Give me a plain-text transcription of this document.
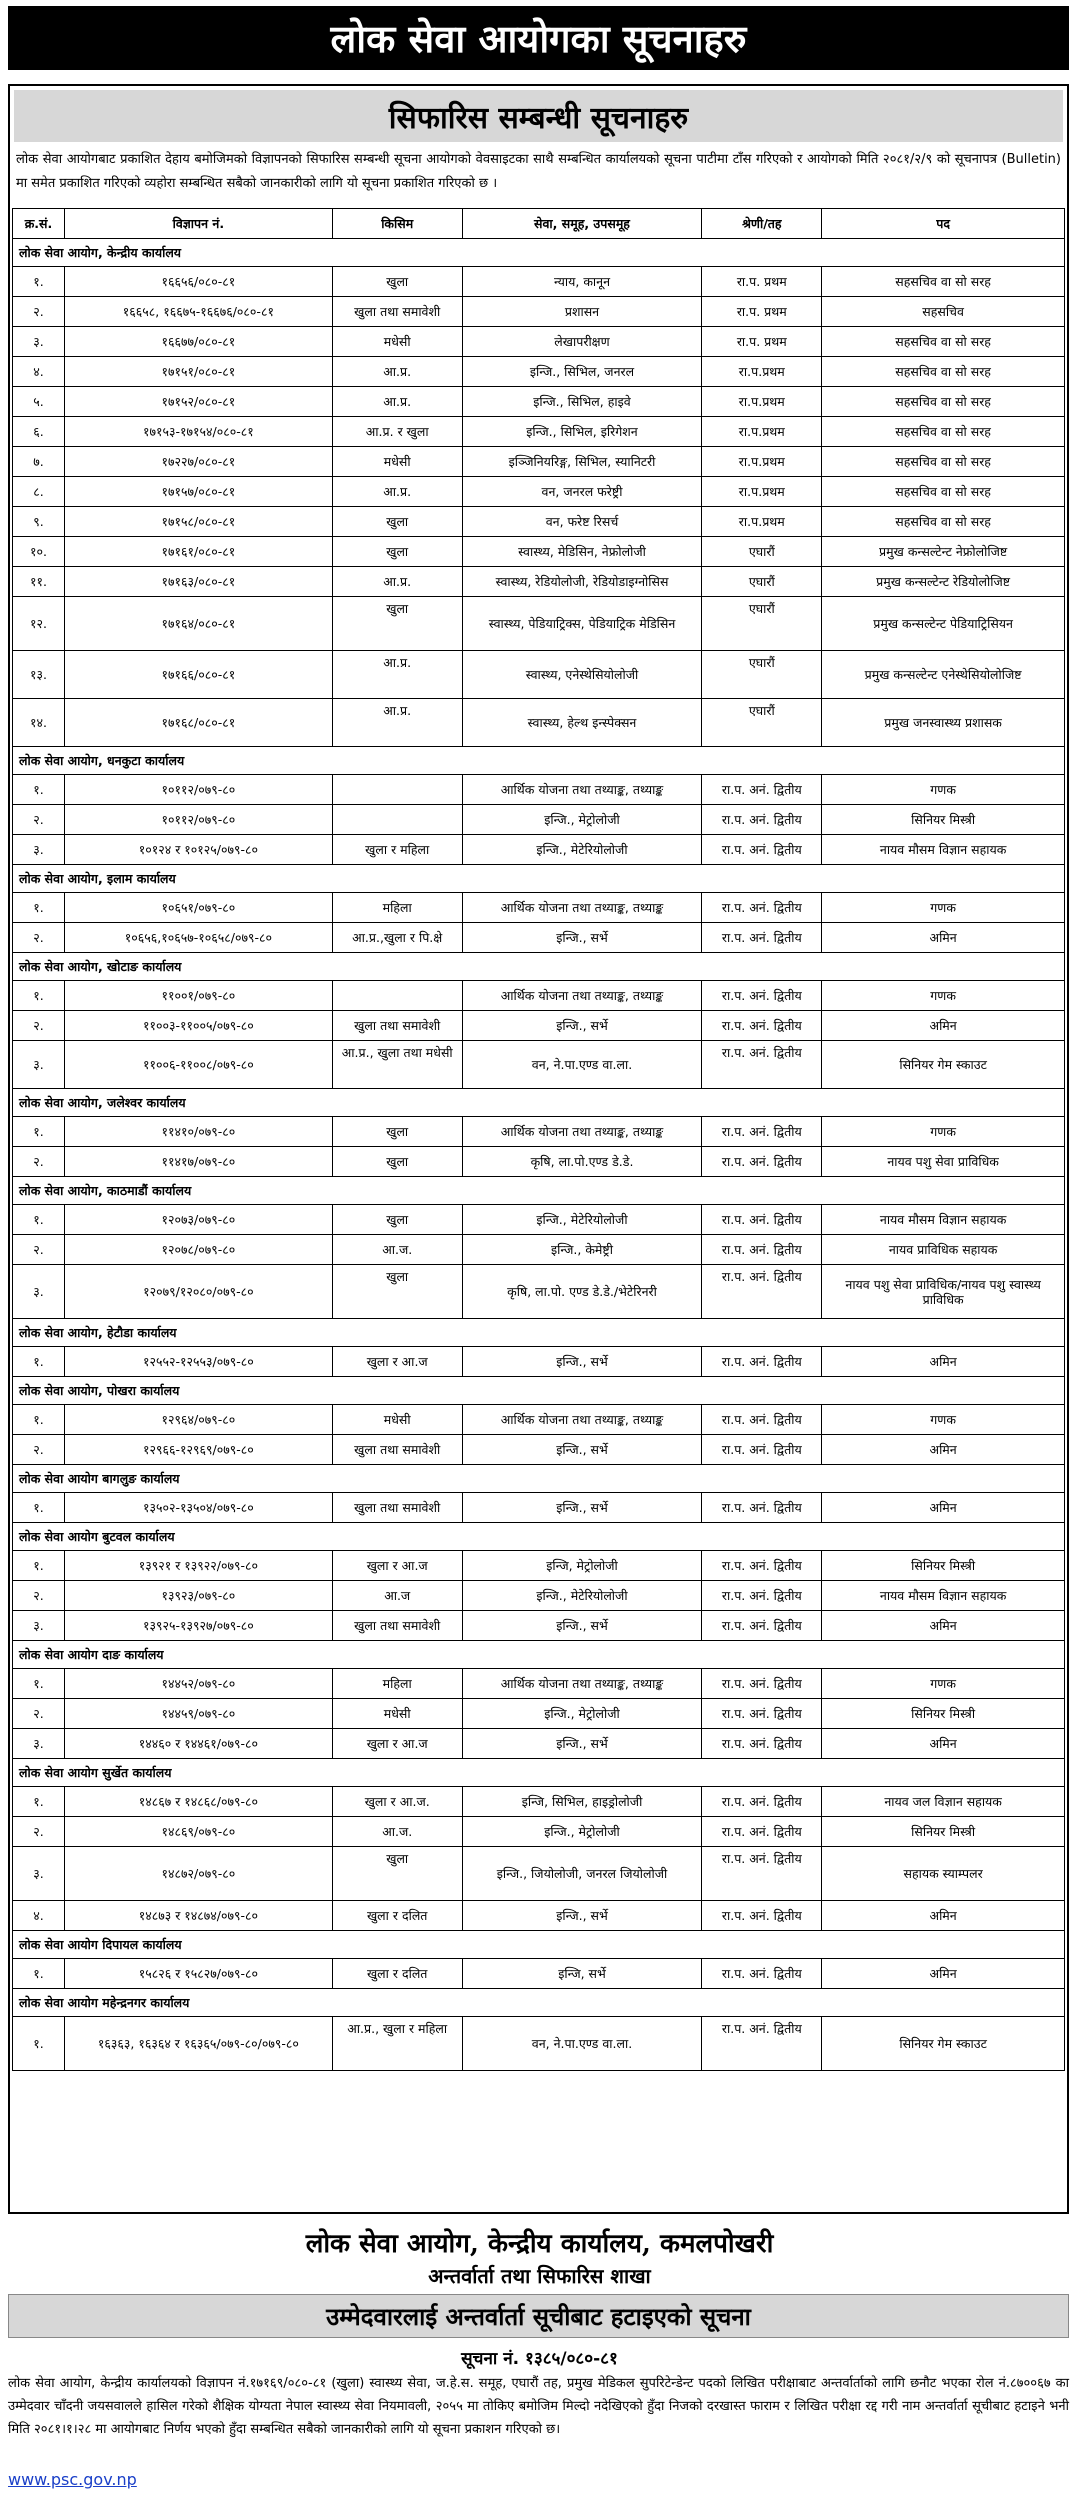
लोक सेवा आयोगका सूचनाहरु
सिफारिस सम्बन्धी सूचनाहरु

लोक सेवा आयोगबाट प्रकाशित देहाय बमोजिमको विज्ञापनको सिफारिस सम्बन्धी सूचना आयोगको वेवसाइटका साथै सम्बन्धित कार्यालयको सूचना पाटीमा टाँस गरिएको र आयोगको मिति २०८१/२/९ को सूचनापत्र (Bulletin) मा समेत प्रकाशित गरिएको व्यहोरा सम्बन्धित सबैको जानकारीको लागि यो सूचना प्रकाशित गरिएको छ ।

क्र.सं.	विज्ञापन नं.	किसिम	सेवा, समूह, उपसमूह	श्रेणी/तह	पद
लोक सेवा आयोग, केन्द्रीय कार्यालय					
१.	१६६५६/०८०-८१	खुला	न्याय, कानून	रा.प. प्रथम	सहसचिव वा सो सरह
२.	१६६५८, १६६७५-१६६७६/०८०-८१	खुला तथा समावेशी	प्रशासन	रा.प. प्रथम	सहसचिव
३.	१६६७७/०८०-८१	मधेसी	लेखापरीक्षण	रा.प. प्रथम	सहसचिव वा सो सरह
४.	१७१५१/०८०-८१	आ.प्र.	इन्जि., सिभिल, जनरल	रा.प.प्रथम	सहसचिव वा सो सरह
५.	१७१५२/०८०-८१	आ.प्र.	इन्जि., सिभिल, हाइवे	रा.प.प्रथम	सहसचिव वा सो सरह
६.	१७१५३-१७१५४/०८०-८१	आ.प्र. र खुला	इन्जि., सिभिल, इरिगेशन	रा.प.प्रथम	सहसचिव वा सो सरह
७.	१७२२७/०८०-८१	मधेसी	इञ्जिनियरिङ्ग, सिभिल, स्यानिटरी	रा.प.प्रथम	सहसचिव वा सो सरह
८.	१७१५७/०८०-८१	आ.प्र.	वन, जनरल फरेष्ट्री	रा.प.प्रथम	सहसचिव वा सो सरह
९.	१७१५८/०८०-८१	खुला	वन, फरेष्ट रिसर्च	रा.प.प्रथम	सहसचिव वा सो सरह
१०.	१७१६१/०८०-८१	खुला	स्वास्थ्य, मेडिसिन, नेफ्रोलोजी	एघारौं	प्रमुख कन्सल्टेन्ट नेफ्रोलोजिष्ट
११.	१७१६३/०८०-८१	आ.प्र.	स्वास्थ्य, रेडियोलोजी, रेडियोडाइग्नोसिस	एघारौं	प्रमुख कन्सल्टेन्ट रेडियोलोजिष्ट
१२.	१७१६४/०८०-८१	खुला	स्वास्थ्य, पेडियाट्रिक्स, पेडियाट्रिक मेडिसिन	एघारौं	प्रमुख कन्सल्टेन्ट पेडियाट्रिसियन
१३.	१७१६६/०८०-८१	आ.प्र.	स्वास्थ्य, एनेस्थेसियोलोजी	एघारौं	प्रमुख कन्सल्टेन्ट एनेस्थेसियोलोजिष्ट
१४.	१७१६८/०८०-८१	आ.प्र.	स्वास्थ्य, हेल्थ इन्स्पेक्सन	एघारौं	प्रमुख जनस्वास्थ्य प्रशासक
लोक सेवा आयोग, धनकुटा कार्यालय					
१.	१०११२/०७९-८०		आर्थिक योजना तथा तथ्याङ्क, तथ्याङ्क	रा.प. अनं. द्वितीय	गणक
२.	१०११२/०७९-८०		इन्जि., मेट्रोलोजी	रा.प. अनं. द्वितीय	सिनियर मिस्त्री
३.	१०१२४ र १०१२५/०७९-८०	खुला र महिला	इन्जि., मेटेरियोलोजी	रा.प. अनं. द्वितीय	नायव मौसम विज्ञान सहायक
लोक सेवा आयोग, इलाम कार्यालय					
१.	१०६५१/०७९-८०	महिला	आर्थिक योजना तथा तथ्याङ्क, तथ्याङ्क	रा.प. अनं. द्वितीय	गणक
२.	१०६५६,१०६५७-१०६५८/०७९-८०	आ.प्र.,खुला र पि.क्षे	इन्जि., सर्भे	रा.प. अनं. द्वितीय	अमिन
लोक सेवा आयोग, खोटाङ कार्यालय					
१.	११००१/०७९-८०		आर्थिक योजना तथा तथ्याङ्क, तथ्याङ्क	रा.प. अनं. द्वितीय	गणक
२.	११००३-११००५/०७९-८०	खुला तथा समावेशी	इन्जि., सर्भे	रा.प. अनं. द्वितीय	अमिन
३.	११००६-११००८/०७९-८०	आ.प्र., खुला तथा मधेसी	वन, ने.पा.एण्ड वा.ला.	रा.प. अनं. द्वितीय	सिनियर गेम स्काउट
लोक सेवा आयोग, जलेश्वर कार्यालय					
१.	११४१०/०७९-८०	खुला	आर्थिक योजना तथा तथ्याङ्क, तथ्याङ्क	रा.प. अनं. द्वितीय	गणक
२.	११४१७/०७९-८०	खुला	कृषि, ला.पो.एण्ड डे.डे.	रा.प. अनं. द्वितीय	नायव पशु सेवा प्राविधिक
लोक सेवा आयोग, काठमाडौं कार्यालय					
१.	१२०७३/०७९-८०	खुला	इन्जि., मेटेरियोलोजी	रा.प. अनं. द्वितीय	नायव मौसम विज्ञान सहायक
२.	१२०७८/०७९-८०	आ.ज.	इन्जि., केमेष्ट्री	रा.प. अनं. द्वितीय	नायव प्राविधिक सहायक
३.	१२०७९/१२०८०/०७९-८०	खुला	कृषि, ला.पो. एण्ड डे.डे./भेटेरिनरी	रा.प. अनं. द्वितीय	नायव पशु सेवा प्राविधिक/नायव पशु स्वास्थ्य प्राविधिक
लोक सेवा आयोग, हेटौडा कार्यालय					
१.	१२५५२-१२५५३/०७९-८०	खुला र आ.ज	इन्जि., सर्भे	रा.प. अनं. द्वितीय	अमिन
लोक सेवा आयोग, पोखरा कार्यालय					
१.	१२९६४/०७९-८०	मधेसी	आर्थिक योजना तथा तथ्याङ्क, तथ्याङ्क	रा.प. अनं. द्वितीय	गणक
२.	१२९६६-१२९६९/०७९-८०	खुला तथा समावेशी	इन्जि., सर्भे	रा.प. अनं. द्वितीय	अमिन
लोक सेवा आयोग बागलुङ कार्यालय					
१.	१३५०२-१३५०४/०७९-८०	खुला तथा समावेशी	इन्जि., सर्भे	रा.प. अनं. द्वितीय	अमिन
लोक सेवा आयोग बुटवल कार्यालय					
१.	१३९२१ र १३९२२/०७९-८०	खुला र आ.ज	इन्जि, मेट्रोलोजी	रा.प. अनं. द्वितीय	सिनियर मिस्त्री
२.	१३९२३/०७९-८०	आ.ज	इन्जि., मेटेरियोलोजी	रा.प. अनं. द्वितीय	नायव मौसम विज्ञान सहायक
३.	१३९२५-१३९२७/०७९-८०	खुला तथा समावेशी	इन्जि., सर्भे	रा.प. अनं. द्वितीय	अमिन
लोक सेवा आयोग दाङ कार्यालय					
१.	१४४५२/०७९-८०	महिला	आर्थिक योजना तथा तथ्याङ्क, तथ्याङ्क	रा.प. अनं. द्वितीय	गणक
२.	१४४५९/०७९-८०	मधेसी	इन्जि., मेट्रोलोजी	रा.प. अनं. द्वितीय	सिनियर मिस्त्री
३.	१४४६० र १४४६१/०७९-८०	खुला र आ.ज	इन्जि., सर्भे	रा.प. अनं. द्वितीय	अमिन
लोक सेवा आयोग सुर्खेत कार्यालय					
१.	१४८६७ र १४८६८/०७९-८०	खुला र आ.ज.	इन्जि, सिभिल, हाइड्रोलोजी	रा.प. अनं. द्वितीय	नायव जल विज्ञान सहायक
२.	१४८६९/०७९-८०	आ.ज.	इन्जि., मेट्रोलोजी	रा.प. अनं. द्वितीय	सिनियर मिस्त्री
३.	१४८७२/०७९-८०	खुला	इन्जि., जियोलोजी, जनरल जियोलोजी	रा.प. अनं. द्वितीय	सहायक स्याम्पलर
४.	१४८७३ र १४८७४/०७९-८०	खुला र दलित	इन्जि., सर्भे	रा.प. अनं. द्वितीय	अमिन
लोक सेवा आयोग दिपायल कार्यालय					
१.	१५८२६ र १५८२७/०७९-८०	खुला र दलित	इन्जि, सर्भे	रा.प. अनं. द्वितीय	अमिन
लोक सेवा आयोग महेन्द्रनगर कार्यालय					
१.	१६३६३, १६३६४ र १६३६५/०७९-८०/०७९-८०	आ.प्र., खुला र महिला	वन, ने.पा.एण्ड वा.ला.	रा.प. अनं. द्वितीय	सिनियर गेम स्काउट
लोक सेवा आयोग, केन्द्रीय कार्यालय, कमलपोखरी
अन्तर्वार्ता तथा सिफारिस शाखा
उम्मेदवारलाई अन्तर्वार्ता सूचीबाट हटाइएको सूचना
सूचना नं. १३८५/०८०-८१

लोक सेवा आयोग, केन्द्रीय कार्यालयको विज्ञापन नं.१७१६९/०८०-८१ (खुला) स्वास्थ्य सेवा, ज.हे.स. समूह, एघारौं तह, प्रमुख मेडिकल सुपरिटेन्डेन्ट पदको लिखित परीक्षाबाट अन्तर्वार्ताको लागि छनौट भएका रोल नं.८७००६७ का उम्मेदवार चाँदनी जयसवालले हासिल गरेको शैक्षिक योग्यता नेपाल स्वास्थ्य सेवा नियमावली, २०५५ मा तोकिए बमोजिम मिल्दो नदेखिएको हुँदा निजको दरखास्त फाराम र लिखित परीक्षा रद्द गरी नाम अन्तर्वार्ता सूचीबाट हटाइने भनी मिति २०८१।१।२८ मा आयोगबाट निर्णय भएको हुँदा सम्बन्धित सबैको जानकारीको लागि यो सूचना प्रकाशन गरिएको छ।

www.psc.gov.np
